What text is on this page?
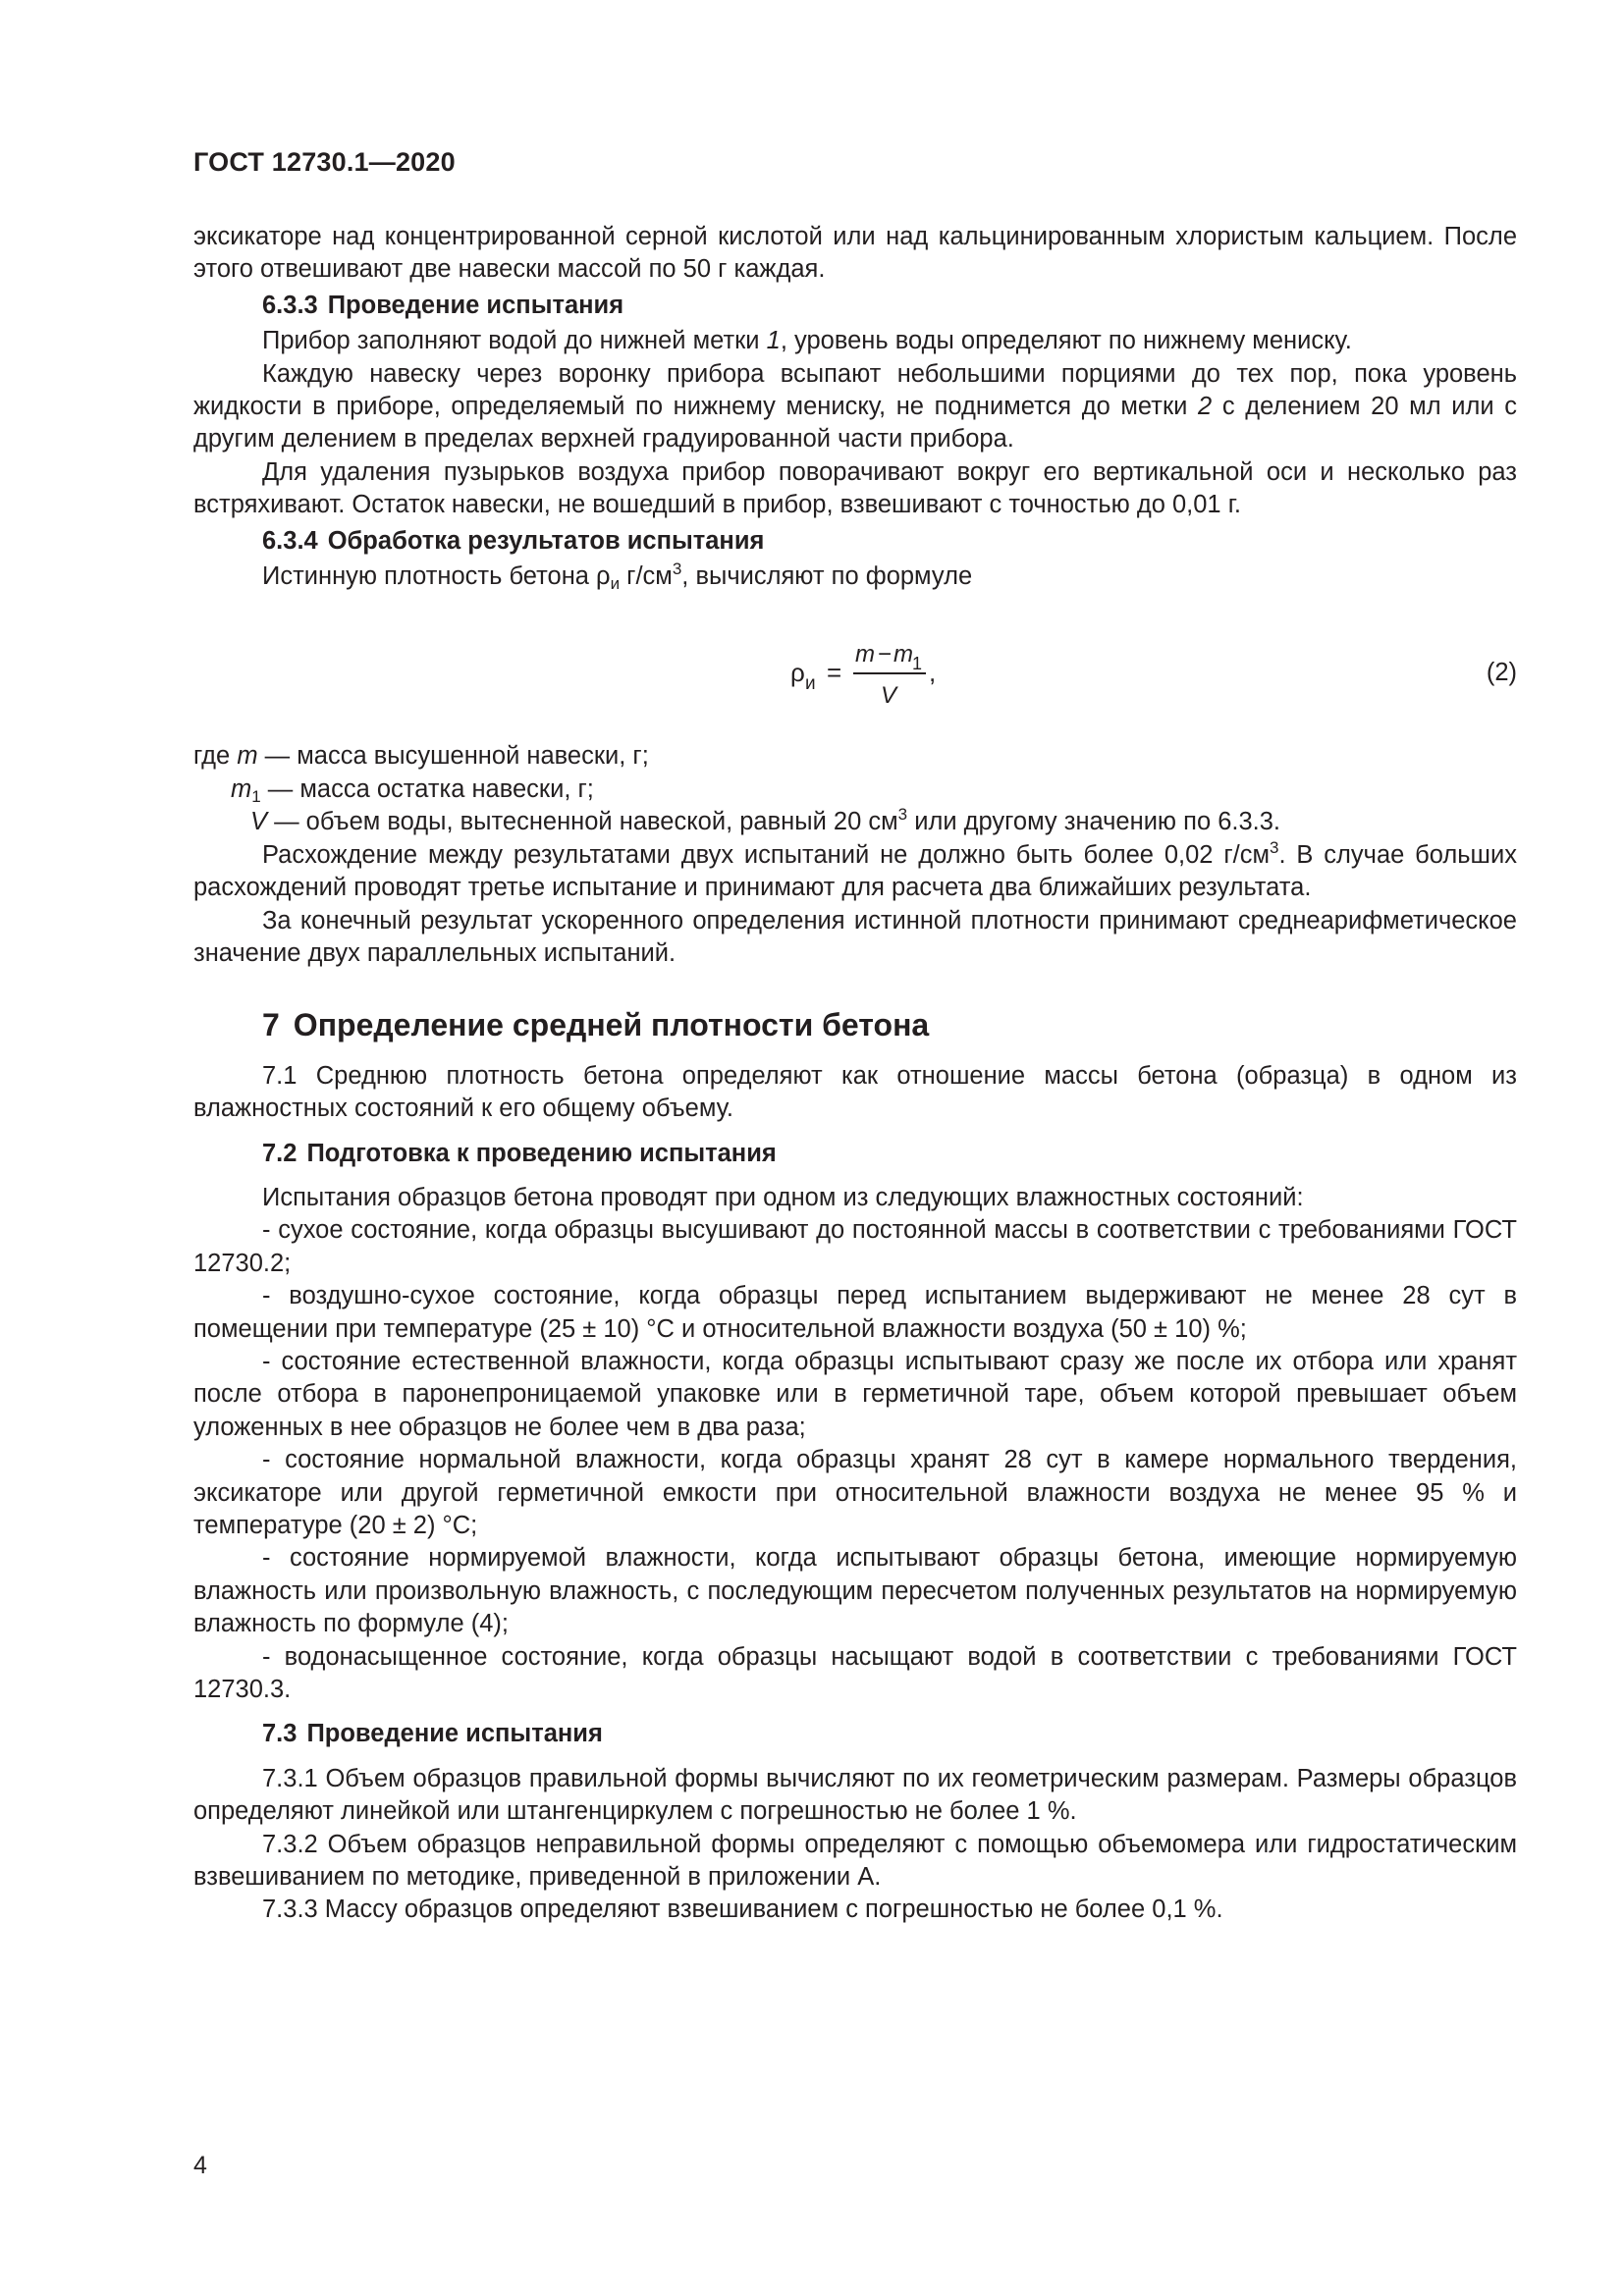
ГОСТ 12730.1—2020

эксикаторе над концентрированной серной кислотой или над кальцинированным хлористым кальцием. После этого отвешивают две навески массой по 50 г каждая.

6.3.3 Проведение испытания

Прибор заполняют водой до нижней метки 1, уровень воды определяют по нижнему мениску.

Каждую навеску через воронку прибора всыпают небольшими порциями до тех пор, пока уровень жидкости в приборе, определяемый по нижнему мениску, не поднимется до метки 2 с делением 20 мл или с другим делением в пределах верхней градуированной части прибора.

Для удаления пузырьков воздуха прибор поворачивают вокруг его вертикальной оси и несколько раз встряхивают. Остаток навески, не вошедший в прибор, взвешивают с точностью до 0,01 г.

6.3.4 Обработка результатов испытания

Истинную плотность бетона $\rho_и$ $г/см^3$, вычисляют по формуле

ρ и =
m − m 1
V
,	(2)

где m — масса высушенной навески, г;

$m_1$ — масса остатка навески, г;

V — объем воды, вытесненной навеской, равный 20 $см^3$ или другому значению по 6.3.3.

Расхождение между результатами двух испытаний не должно быть более 0,02 $г/см^3$. В случае больших расхождений проводят третье испытание и принимают для расчета два ближайших результата.

За конечный результат ускоренного определения истинной плотности принимают среднеарифметическое значение двух параллельных испытаний.

7 Определение средней плотности бетона

7.1 Среднюю плотность бетона определяют как отношение массы бетона (образца) в одном из влажностных состояний к его общему объему.

7.2 Подготовка к проведению испытания

Испытания образцов бетона проводят при одном из следующих влажностных состояний:

- сухое состояние, когда образцы высушивают до постоянной массы в соответствии с требованиями ГОСТ 12730.2;

- воздушно-сухое состояние, когда образцы перед испытанием выдерживают не менее 28 сут в помещении при температуре (25 ± 10) °С и относительной влажности воздуха (50 ± 10) %;

- состояние естественной влажности, когда образцы испытывают сразу же после их отбора или хранят после отбора в паронепроницаемой упаковке или в герметичной таре, объем которой превышает объем уложенных в нее образцов не более чем в два раза;

- состояние нормальной влажности, когда образцы хранят 28 сут в камере нормального твердения, эксикаторе или другой герметичной емкости при относительной влажности воздуха не менее 95 % и температуре (20 ± 2) °С;

- состояние нормируемой влажности, когда испытывают образцы бетона, имеющие нормируемую влажность или произвольную влажность, с последующим пересчетом полученных результатов на нормируемую влажность по формуле (4);

- водонасыщенное состояние, когда образцы насыщают водой в соответствии с требованиями ГОСТ 12730.3.

7.3 Проведение испытания

7.3.1 Объем образцов правильной формы вычисляют по их геометрическим размерам. Размеры образцов определяют линейкой или штангенциркулем с погрешностью не более 1 %.

7.3.2 Объем образцов неправильной формы определяют с помощью объемомера или гидростатическим взвешиванием по методике, приведенной в приложении А.

7.3.3 Массу образцов определяют взвешиванием с погрешностью не более 0,1 %.

4
